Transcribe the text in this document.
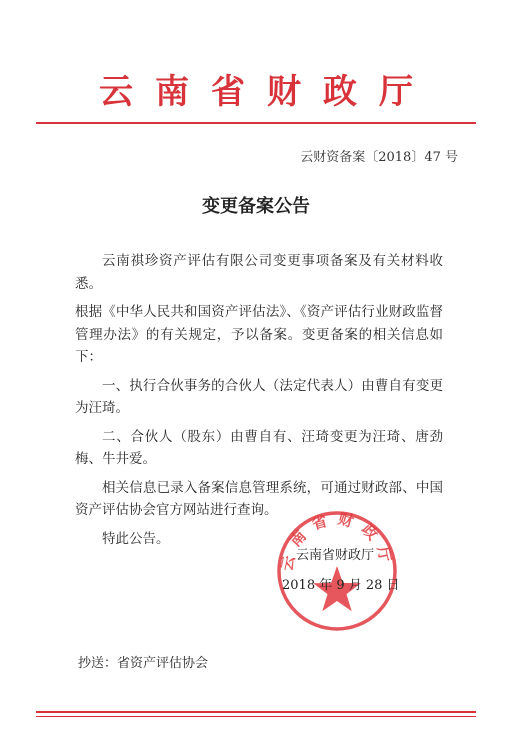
云南省财政厅
云财资备案〔2018〕47 号
变更备案公告

云南祺珍资产评估有限公司变更事项备案及有关材料收悉。

根据《中华人民共和国资产评估法》、《资产评估行业财政监督管理办法》的有关规定，予以备案。变更备案的相关信息如下：

一、执行合伙事务的合伙人（法定代表人）由曹自有变更为汪琦。

二、合伙人（股东）由曹自有、汪琦变更为汪琦、唐劲梅、牛井爱。

相关信息已录入备案信息管理系统，可通过财政部、中国资产评估协会官方网站进行查询。

特此公告。

云南省财政厅
云南省财政厅
2018 年 9 月 28 日
抄送：省资产评估协会
